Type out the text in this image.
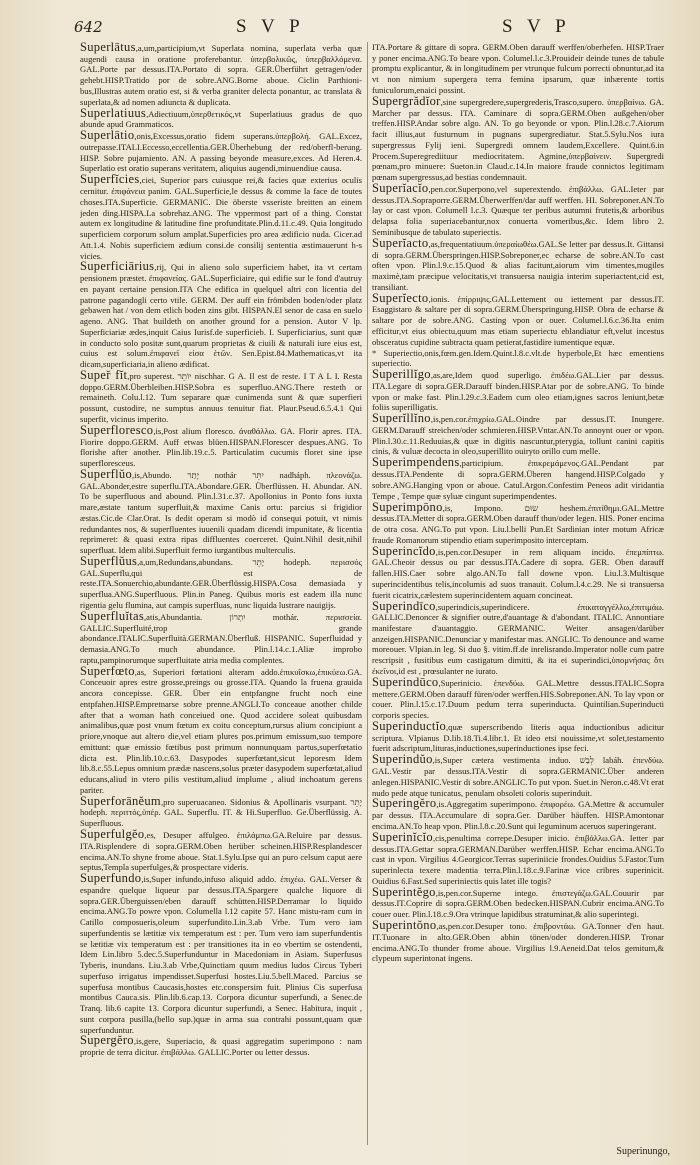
642	S V P	S V P

Superlātus,a,um,participium,vt Superlata nomina, superlata verba quæ augendi causa in oratione proferebantur. ὑπερβολικῶς, ὑπερβαλλόμενα. GAL.Porte par dessus.ITA.Portato di sopra. GER.Überführt getragen/oder gehebt.HISP.Tratido por de sobre.ANG.Borne aboue. Ciclin Parthioni-bus,Illustras autem oratio est, si & verba graniter delecta ponantur, ac translata & superlata,& ad nomen adiuncta & duplicata.

Superlatiuus,Adiectiuum,ὑπερθετικός,vt Superlatiuus gradus de quo abunde apud Grammaticos.

Superlātio,onis,Excessus,oratio fidem superans.ὑπερβολή. GAL.Excez, outrepasse.ITALI.Eccesso,eccellentia.GER.Überhebung der red/oberfl-berung. HISP. Sobre pujamiento. AN. A passing beyonde measure,exces. Ad Heren.4. Superlatio est oratio superans veritatem, aliquius augendi,minuendiue causa.

Superfĭcies,ciei, Superior pars cuiusque rei,& facies quæ exterius oculis cernitur. ἐπιφάνεια panim. GAL.Superficie,le dessus & comme la face de toutes choses.ITA.Superficie. GERMANIC. Die öberste vsseriste breitten an einem jeden ding.HISPA.La sobrehaz.ANG. The vppermost part of a thing. Constat autem ex longitudine & latitudine fine profunditate.Plin.d.11.c.49. Quia longitudo superficiem corporum solum amplat.Superficies pro area ædificio nuda. Cicer.ad Att.1.4. Nobis superficiem ædium consi.de consilij sententia æstimauerunt h-s vicies.

Superficiārius,rij, Qui in alieno solo superficiem habet, ita vt certam pensionem præstet. ἐπιφανείας. GAL.Superficiaire, qui edifie sur le fond d'autruy en payant certaine pension.ITA Che edifica in quelquel altri con licentia del patrone pagandogli certo vtile. GERM. Der auff ein frömbden boden/oder platz gebawen hat / von dem etlich boden zins gibt. HISPAN.El senor de casa en suelo ageno. ANG. That buildeth on another ground for a pension. Autor V lp. Superficiariæ ædes,inquit Caius Iurisf.de superficieb. I. Superficiarius, sunt quæ in conducto solo positæ sunt,quarum proprietas & ciuili & naturali iure eius est, cuius est solum.ἐπιφανεῖ εἰσα ἐτῶν. Sen.Epist.84.Mathematicas,vt ita dicam,superficiaria,in alieno ædificat.

Supeř fĭt,pro superest. יוֹתֵר nischhar. G A. Il est de reste. I T A L I. Resta doppo.GERM.Überbleiben.HISP.Sobra es superfluo.ANG.There resteth or remaineth. Colu.l.12. Tum separare quæ cunimenda sunt & quæ superfieri possunt, custodire, ne sumptus annuus tenuitur fiat. Plaur.Pseud.6.5.4.1 Qui superfit, vicinus imperito.

Superfloresco,is,Post alium floresco. ἀναθάλλω. GA. Florir apres. ITA. Fiorire doppo.GERM. Auff etwas blüen.HISPAN.Florescer despues.ANG. To florishe after another. Plin.lib.19.c.5. Particulatim cucumis floret sine ipse superfloresceus.

Superflŭo,is,Abundo. יָתַר nothár יִתֵּר nadháph. πλεονάζω. GAL.Abonder,estre superflu.ITA.Abondare.GER. Überflüssen. H. Abundar. AN. To be superfluous and abound. Plin.l.31.c.37. Apollonius in Ponto fons iuxta mare,æstate tantum superfluit,& maxime Canis ortu: parcius si frigidior æstas.Cic.de Clar.Orat. Is dedit operam si modò id consequi potuit, vt nimis redundantes nos, & superfluentes iuuenili quadam dicendi impunitate, & licentia reprimeret: & quasi extra ripas diffluentes coerceret. Quint.Nihil desit,nihil superfluat. Idem alibi.Superfluit fermo iurgantibus multerculis.

Superflŭus,a,um,Redundans,abundans. יָתֵר hodeph. περισσός GAL.Superflu,qui est de reste.ITA.Sonuerchio,abundante.GER.Überflüssig.HISPA.Cosa demasiada y superflua.ANG.Superfluous. Plin.in Paneg. Quibus moris est eadem illa nunc rigentia gelu flumina, aut campis superfluas, nunc liquida lustrare nauigijs.

Superfluĭtas,atis,Abundantia. יִתְרוֹן mothár. περισσεία. GALLIC.Superfluité,trop grande abondance.ITALIC.Superfluità.GERMAN.Überfluß. HISPANIC. Superfluidad y demasia.ANG.To much abundance. Plin.l.14.c.1.Aliæ improbo raptu,pampinorumque superfluitate atria media complentes.

Superfœto,as, Superiori fœtationi alteram addo.ἐπικυΐσκω,ἐπικύεω.GA. Conceuoir apres estre grosse,preings ou grosse.ITA. Quando la fruena grauida ancora concepisse. GER. Über ein entpfangne frucht noch eine entpfahen.HISP.Empretnarse sobre prenne.ANGLI.To conceaue another childe after that a woman hath conceiued one. Quod accidere soleat quibusdam animalibus,quæ post vnum fœtum ex coitu conceptum,rursus alium concipiunt a priore,vnoque aut altero die,vel etiam plures pos.primum emissum,suo tempore emittunt: quæ emissio fœtibus post primum nonnunquam partus,superfœtatio dicta est. Plin.lib.10.c.63. Dasypodes superfœtant,sicut leporesm Idem lib.8.c.55.Lepus omnium prædæ nascens,solus præter dasypodem superfœtat,aliud educans,aliud in vtero pilis vestitum,aliud implume , aliud inchoatum gerens pariter.

Superforānĕum,pro superuacaneo. Sidonius & Apollinaris vsurpant. יָתֵר hodeph. περιττός,ὑπέρ. GAL. Superflu. IT. & Hi.Superfluo. Ge.Überflüssig. A. Superfluous.

Superfulgĕo,es, Desuper affulgeo. ἐπιλάμπω.GA.Reluire par dessus. ITA.Risplendere di sopra.GERM.Oben herüber scheinen.HISP.Resplandescer encima.AN.To shyne frome aboue. Stat.1.Sylu.Ipse qui an puro celsum caput aere septus,Templa superfulges,& prospectare videris.

Superfundo,is,Super infundo,infuso aliquid addo. ἐπιχέω. GAL.Verser & espandre quelque liqueur par dessus.ITA.Spargere qualche liquore di sopra.GER.Überguissen/eben darauff schütten.HISP.Derramar lo liquido encima.ANG.To powre vpon. Columella l.12 capite 57. Hanc mistu-ram cum in Catillo composueris,oleum superfundito.Lin.3.ab Vrbe. Tum vero iam superfundentis se lætitiæ vix temperatum est : per. Tum vero iam superfundentis se lætitiæ vix temperatum est : per transitiones ita in eo vbertim se ostendenti, Idem Lin.libro 5.dec.5.Superfunduntur in Macedoniam in Asiam. Superfusus Tyberis, inundans. Liu.3.ab Vrbe,Quinctiam quum medius ludos Circus Tyberi superfuso irrigatus impendisset.Superfusi hostes.Liu.5.bell.Maced. Parcius se superfusa montibus Caucasis,hostes etc.conspersim fuit. Plinius Cis superfusa montibus Cauca.sis. Plin.lib.6.cap.13. Corpora dicuntur superfundi, a Senec.de Tranq. lib.6 capite 13. Corpora dicuntur superfundi, a Senec. Habitura, inquit , sunt corpora pusilla,(bello sup.)quæ in arma sua contrahi possunt,quam quæ superfunduntur.

Supergĕro,is,gere, Superiacio, & quasi aggregatim superimpono : nam proprie de terra dicitur. ἐπιβάλλω. GALLIC.Porter ou letter dessus.

ITA.Portare & gittare di sopra. GERM.Oben darauff werffen/oberhefen. HISP.Traer y poner encima.ANG.To beare vpon. Columel.l.c.3.Prouideir deinde tunes de tabule promptu explicantur, & in longitudinem per vtrunque fulcum porrecti obnuntur,ad ita vt non nimium supergera terra femina ipsarum, quæ inhærente tortis funiculorum,enaici possint.

Supergrădĭor,sine supergredere,supergrederis,Trasco,supero. ὑπερβαίνω. GA. Marcher par dessus. ITA. Caminare di sopra.GERM.Oben außgehen/ober treffen.HISP.Andar sobre algo. AN. To go beyonde or vpon. Plin.l.28.c.7.Aiorum facit illius,aut fusturnum in pugnans supergrediatur. Stat.5.Sylu.Nos iura supergressus Fylij ieni. Supergredi omnem laudem,Excellere. Quint.6.in Procem.Superegrediituur mediocritatem. Agmine,ὑπερβαίνειν. Supergredi pœnam,pro minuere: Sueton.in Claud.c.14.In maiore fraude connictos legitimam pœnam supergressus,ad bestias condemnauit.

Superĭacĭo,pen.cor.Superpono,vel superextendo. ἐπιβάλλω. GAL.Ieter par dessus.ITA.Sopraporre.GERM.Überwerffen/dar auff werffen. HI. Sobreponer.AN.To lay or cast vpon. Columell l.c.3. Quæque ter peribus autumni frutetis,& arboribus delapsa folia superiacebantur,nox conuerta vomeribus,&c. Idem libro 2. Seminibusque de tabulato superiectis.

Superĭacto,as,frequentatiuum.ὑπεραίωθέω.GAL.Se letter par dessus.It. Gittansi di sopra.GERM.Überspringen.HISP.Sobreponer,ec echarse de sobre.AN.To cast often vpon. Plin.l.9.c.15.Quod & alias facitunt,aiorum vim timentes,mugiles maximè,tam præcipue velocitatis,vt transuersa nauigia interim superiactent,cid est, transiliant.

Superĭecto,ionis. ἐπίρριψις.GAL.Lettement ou iettement par dessus.IT. Esaggistaro & saltare per di sopra.GERM.Überspringung.HISP. Obra de echarse & saltare por de sobre.ANG. Casting vpon or ouer. Columel.l.6.c.36.Ita enim efficitur,vt eius obiectu,quum mas etiam superiectu eblandiatur eft,velut incestus obsceratus cupidine subtracta quam petierat,fastidire iumentique equæ.

* Superiectio,onis,fœm.gen.Idem.Quint.l.8.c.vlt.de hyperbole,Et hæc ementiens superiectio.

Superillĭgo,as,are,Idem quod superligo. ἐπιδέω.GAL.Lier par dessus. ITA.Legare di sopra.GER.Darauff binden.HISP.Atar por de sobre.ANG. To binde vpon or make fast. Plin.l.29.c.3.Eadem cum oleo etiam,ignes sacros leniunt,betæ foliis superilligatis.

Superĭllĭno,is,pen.cor.ἐπιχρίω.GAL.Oindre par dessus.IT. Inungere. GERM.Darauff streichen/oder schmieren.HISP.Vntar.AN.To annoynt ouer or vpon. Plin.l.30.c.11.Reduuias,& quæ in digitis nascuntur,pterygia, tollunt canini capitis cinis, & vuluæ decocta in oleo,superillito ouiryto orillo cum melle.

Superimpendens,participium. ἐπικρεμάμενος.GAL.Pendant par dessus.ITA.Pendente di sopra.GERM.Überen hangend.HISP.Colgado y sobre.ANG.Hanging vpon or aboue. Catul.Argon.Confestim Peneos adit viridantia Tempe , Tempe quæ syluæ cingunt superimpendentes.

Superimpōno,is, Impono. שׂוּם heshem.ἐπιτίθημι.GAL.Mettre dessus.ITA.Metter di sopra.GERM.Oben darauff thun/oder legen. HIS. Poner encima de otra cosa. ANG.To put vpon. Liu.l.belli Pun.Et Sardinian inter motum Africæ fraude Romanorum stipendio etiam superimposito interceptam.

Superincĭdo,is,pen.cor.Desuper in rem aliquam incido. ἐπεμπίπτω. GAL.Cheoir dessus ou par dessus.ITA.Cadere di sopra. GER. Oben darauff fallen.HIS.Caer sobre algo.AN.To fall downe vpon. Liu.l.3.Multisque superincidentibus telis,incolumis ad suos tranauit. Colum.l.4.c.29. Ne si transuersa fuerit cicatrix,cælestem superincidentem aquam concineat.

Superindīco,superindicis,superindicere. ἐπικαταγγέλλω,ἐπιτιμάω. GALLIC.Denoncer & signifier outre,d'auantage & d'abondant. ITALIC. Annontiare manifestare d'auantaggio. GERMANIC. Weiter ansagen/darüber anzeigen.HISPANIC.Denunciar y manifestar mas. ANGLIC. To denounce and warne moreouer. Vlpian.in leg. Si duo §. vitim.ff.de inrelisrando.Imperator nolle cum patre rescripsit , fusitibus eum castigatum dimitti, & ita ei superindici,ὑπομνήσας ὅτι ἐκεῖνοι,id est , prœsulanter ne iurato.

Superindūco,Superinicio. ἐπενδύω. GAL.Mettre dessus.ITALIC.Sopra mettere.GERM.Oben darauff füren/oder werffen.HIS.Sobreponer.AN. To lay vpon or couer. Plin.l.15.c.17.Duum pedum terra superinducta. Quintilian.Superinducti corporis species.

Superinductĭo,quæ superscribendo literis aqua inductionibus adicitur scriptura. Vlpianus D.lib.18.Ti.4.libr.1. Et ideo etsi nouissime,vt solet,testamento fuerit adscriptum,lituras,inductiones,superinductiones ipse feci.

Superindŭo,is,Super cætera vestimenta induo. לְבַשׁ labáh. ἐπενδύω. GAL.Vestir par dessus.ITA.Vestir di sopra.GERMANIC.Über anderen anlegen.HISPANIC.Vestir di sobre.ANGLIC.To put vpon. Suet.in Neron.c.48.Vt erat nudo pede atque tunicatus, penulam obsoleti coloris superinduit.

Superingĕro,is.Aggregatim superimpono. ἐπιφορέω. GA.Mettre & accumuler par dessus. ITA.Accumulare di sopra.Ger. Darüber häuffen. HISP.Amontonar encima.AN.To heap vpon. Plin.l.8.c.20.Sunt qui leguminum aceruos superingerant.

Superinĭcĭo,cis,penultima correpe.Desuper inicio. ἐπιβάλλω.GA. Ietter par dessus.ITA.Gettar sopra.GERMAN.Darüber werffen.HISP. Echar encima.ANG.To cast in vpon. Virgilius 4.Georgicor.Terras superiniicie frondes.Ouidius 5.Fastor.Tum superinlecta texere madentia terra.Plin.l.18.c.9.Farinæ vice cribres superinicit. Ouidius 6.Fast.Sed superiniectis quis latet ille togis?

Superintĕgo,is,pen.cor.Superne intego. ἐπιστεγάζω.GAL.Couurir par dessus.IT.Coprire di sopra.GERM.Oben bedecken.HISPAN.Cubrir encima.ANG.To couer ouer. Plin.l.18.c.9.Ora vtrinque lapidibus stratuminat,& alio superintegi.

Superintŏno,as,pen.cor.Desuper tono. ἐπιβροντάω. GA.Tonner d'en haut. IT.Tuonare in alto.GER.Oben abhin tönen/oder donderen.HISP. Tronar encima.ANG.To thunder frome aboue. Virgilius l.9.Aeneid.Dat telos gemitum,& clypeum superintonat ingens.

Superinungo,
